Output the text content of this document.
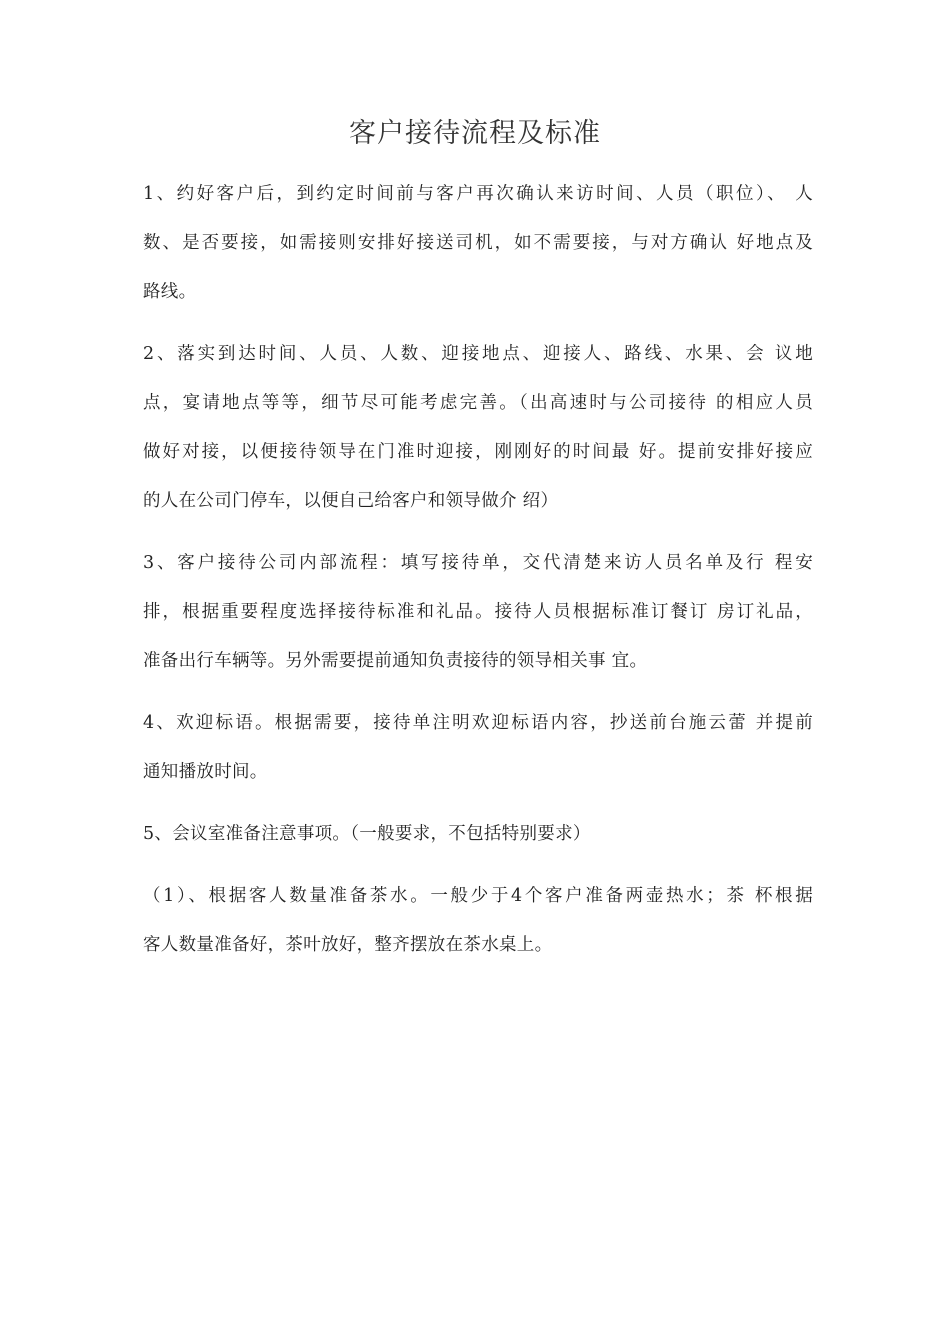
客户接待流程及标准
1、约好客户后，到约定时间前与客户再次确认来访时间、人员（职位）、 人
数、是否要接，如需接则安排好接送司机，如不需要接，与对方确认 好地点及
路线。
2、落实到达时间、人员、人数、迎接地点、迎接人、路线、水果、会 议地
点，宴请地点等等，细节尽可能考虑完善。（出高速时与公司接待 的相应人员
做好对接，以便接待领导在门准时迎接，刚刚好的时间最 好。提前安排好接应
的人在公司门停车，以便自己给客户和领导做介 绍）
3、客户接待公司内部流程：填写接待单，交代清楚来访人员名单及行 程安
排，根据重要程度选择接待标准和礼品。接待人员根据标准订餐订 房订礼品，
准备出行车辆等。另外需要提前通知负责接待的领导相关事 宜。
4、欢迎标语。根据需要，接待单注明欢迎标语内容，抄送前台施云蕾 并提前
通知播放时间。
5、会议室准备注意事项。（一般要求，不包括特别要求）
（1）、根据客人数量准备茶水。一般少于4个客户准备两壶热水；茶 杯根据
客人数量准备好，茶叶放好，整齐摆放在茶水桌上。
